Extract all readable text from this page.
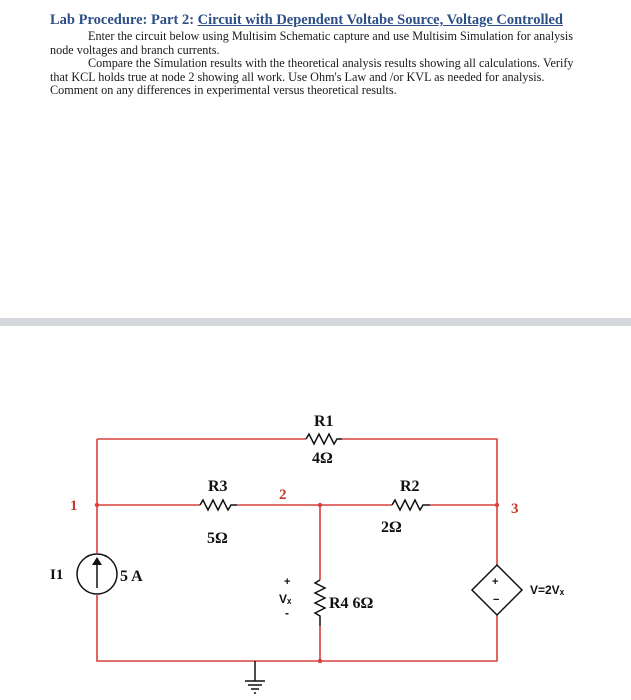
Lab Procedure: Part 2: Circuit with Dependent Voltabe Source, Voltage Controlled

Enter the circuit below using Multisim Schematic capture and use Multisim Simulation for analysis node voltages and branch currents.

Compare the Simulation results with the theoretical analysis results showing all calculations. Verify that KCL holds true at node 2 showing all work. Use Ohm's Law and /or KVL as needed for analysis. Comment on any differences in experimental versus theoretical results.

R1
4Ω
R3
5Ω
R2
2Ω
R4 6Ω
+
Vₓ
-
I1	5 A	+
−
V=2Vₓ
1
2
3
